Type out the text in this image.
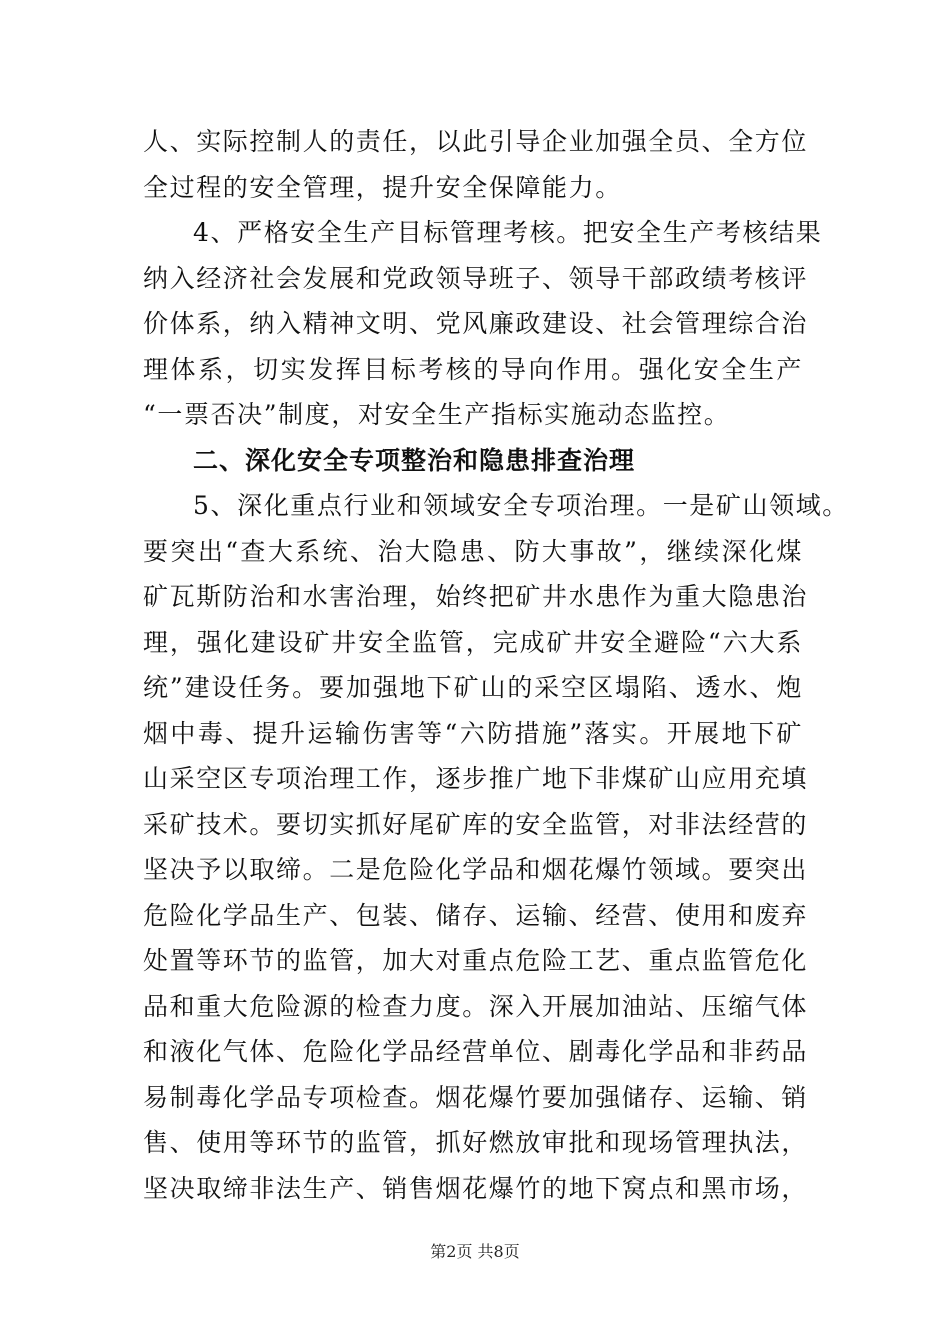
人、实际控制人的责任，以此引导企业加强全员、全方位
全过程的安全管理，提升安全保障能力。
4、严格安全生产目标管理考核。把安全生产考核结果
纳入经济社会发展和党政领导班子、领导干部政绩考核评
价体系，纳入精神文明、党风廉政建设、社会管理综合治
理体系，切实发挥目标考核的导向作用。强化安全生产
“一票否决”制度，对安全生产指标实施动态监控。
二、深化安全专项整治和隐患排查治理
5、深化重点行业和领域安全专项治理。一是矿山领域。
要突出“查大系统、治大隐患、防大事故”，继续深化煤
矿瓦斯防治和水害治理，始终把矿井水患作为重大隐患治
理，强化建设矿井安全监管，完成矿井安全避险“六大系
统”建设任务。要加强地下矿山的采空区塌陷、透水、炮
烟中毒、提升运输伤害等“六防措施”落实。开展地下矿
山采空区专项治理工作，逐步推广地下非煤矿山应用充填
采矿技术。要切实抓好尾矿库的安全监管，对非法经营的
坚决予以取缔。二是危险化学品和烟花爆竹领域。要突出
危险化学品生产、包装、储存、运输、经营、使用和废弃
处置等环节的监管，加大对重点危险工艺、重点监管危化
品和重大危险源的检查力度。深入开展加油站、压缩气体
和液化气体、危险化学品经营单位、剧毒化学品和非药品
易制毒化学品专项检查。烟花爆竹要加强储存、运输、销
售、使用等环节的监管，抓好燃放审批和现场管理执法，
坚决取缔非法生产、销售烟花爆竹的地下窝点和黑市场，
第2页 共8页
